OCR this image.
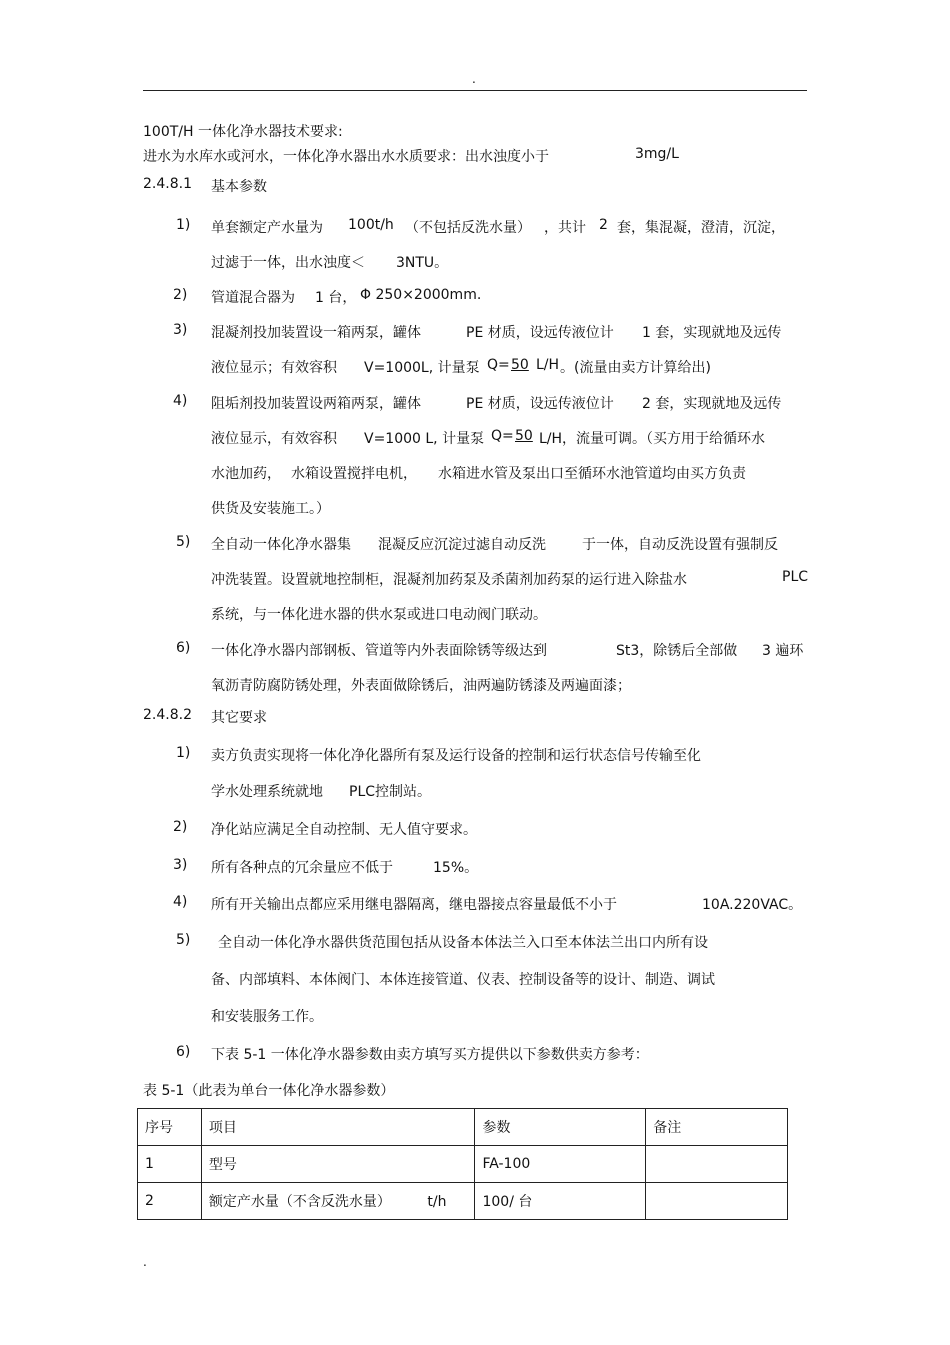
.
100T/H 一体化净水器技术要求:
进水为水库水或河水，一体化净水器出水水质要求：出水浊度小于	3mg/L
2.4.8.1 基本参数
1) 单套额定产水量为 100t/h （不包括反洗水量） ，共计 2 套，集混凝，澄清，沉淀，
过滤于一体，出水浊度＜ 3NTU。
2) 管道混合器为 1 台， Φ 250×2000mm.
3) 混凝剂投加装置设一箱两泵，罐体	PE 材质，设远传液位计 1 套，实现就地及远传
液位显示；有效容积 V=1000L, 计量泵 Q= 50 L/H 。(流量由卖方计算给出)
4) 阻垢剂投加装置设两箱两泵，罐体	PE 材质，设远传液位计 2 套，实现就地及远传
液位显示，有效容积 V=1000 L, 计量泵 Q= 50 L/H，流量可调。（买方用于给循环水
水池加药， 水箱设置搅拌电机， 水箱进水管及泵出口至循环水池管道均由买方负责
供货及安装施工。）
5) 全自动一体化净水器集 混凝反应沉淀过滤自动反洗	于一体，自动反洗设置有强制反
冲洗装置。设置就地控制柜，混凝剂加药泵及杀菌剂加药泵的运行进入除盐水	PLC
系统，与一体化进水器的供水泵或进口电动阀门联动。
6) 一体化净水器内部钢板、管道等内外表面除锈等级达到	St3，除锈后全部做 3 遍环
氧沥青防腐防锈处理，外表面做除锈后，油两遍防锈漆及两遍面漆；
2.4.8.2 其它要求
1) 卖方负责实现将一体化净化器所有泵及运行设备的控制和运行状态信号传输至化
学水处理系统就地 PLC控制站。
2) 净化站应满足全自动控制、无人值守要求。
3) 所有各种点的冗余量应不低于	15%。
4) 所有开关输出点都应采用继电器隔离，继电器接点容量最低不小于	10A.220VAC。
5) 全自动一体化净水器供货范围包括从设备本体法兰入口至本体法兰出口内所有设
备、内部填料、本体阀门、本体连接管道、仪表、控制设备等的设计、制造、调试
和安装服务工作。
6) 下表 5-1 一体化净水器参数由卖方填写买方提供以下参数供卖方参考：
表 5-1（此表为单台一体化净水器参数）
序号	项目	参数	备注
1	型号	FA-100	
2	额定产水量（不含反洗水量） t/h	100/ 台	
.
